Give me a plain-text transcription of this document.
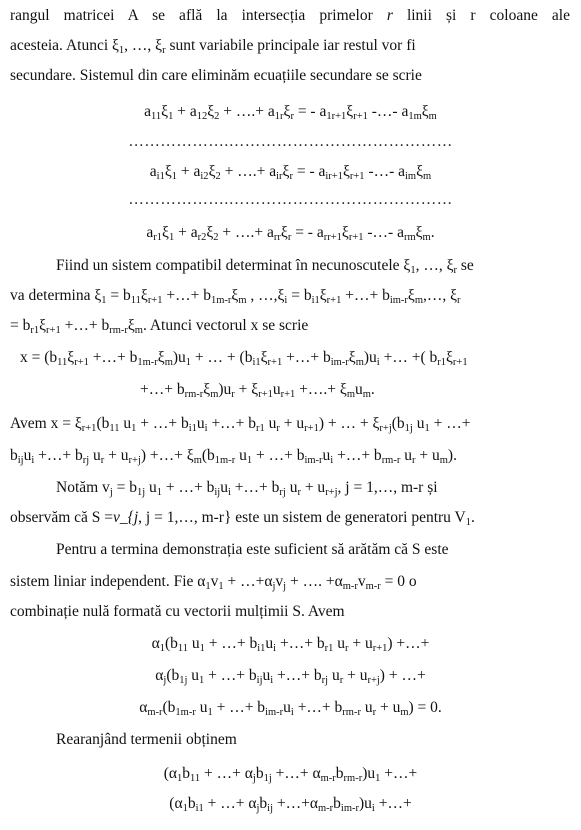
rangul matricei A se află la intersecția primelor r linii și r coloane ale
acesteia. Atunci $\xi_1$, …, $\xi_r$ sunt variabile principale iar restul vor fi
secundare. Sistemul din care eliminăm ecuațiile secundare se scrie
$a_{11}\xi_1 + a_{12}\xi_2$ + ….+ $a_{1r}\xi_r$ = - $a_{1r+1}\xi_{r+1}$ -…- $a_{1m}\xi_m$
……………….……………………………………
$a_{i1}\xi_1 + a_{i2}\xi_2$ + ….+ $a_{ir}\xi_r$ = - $a_{ir+1}\xi_{r+1}$ -…- $a_{im}\xi_m$
……………….……………………………………
$a_{r1}\xi_1 + a_{r2}\xi_2$ + ….+ $a_{rr}\xi_r$ = - $a_{rr+1}\xi_{r+1}$ -…- $a_{rm}\xi_m$.
Fiind un sistem compatibil determinat în necunoscutele $\xi_1$, …, $\xi_r$ se
va determina $\xi_1 = b_{11}\xi_{r+1}$ +…+ $b_{1m-r}\xi_m$ , $\dots,\xi_i = b_{i1}\xi_{r+1}$ +…+ $b_{im-r}\xi_m,\dots$, $\xi_r$
= $b_{r1}\xi_{r+1}$ +…+ $b_{rm-r}\xi_m$. Atunci vectorul x se scrie
$x = (b_{11}\xi_{r+1}$ +…+ $b_{1m-r}\xi_m)u_1$ + … + ($b_{i1}\xi_{r+1}$ +…+ $b_{im-r}\xi_m)u_i$ +… +( $b_{r1}\xi_{r+1}$
+…+ $b_{rm-r}\xi_m)u_r + \xi_{r+1}u_{r+1}$ +….+ $\xi_mu_m$.
Avem $x = \xi_{r+1}(b_{11}$ $u_1$ + …+ $b_{i1}u_i$ +…+ $b_{r1}$ $u_r + u_{r+1}$) + … + $\xi_{r+j}(b_{1j}$ $u_1$ + …+
$b_{ij}u_i$ +…+ $b_{rj}$ $u_r + u_{r+j}$) +…+ $\xi_m(b_{1m-r}$ $u_1$ + …+ $b_{im-r}u_i$ +…+ $b_{rm-r}$ $u_r + u_m$).
Notăm $v_j = b_{1j}$ $u_1$ + …+ $b_{ij}u_i$ +…+ $b_{rj}$ $u_r + u_{r+j}$, j = 1,…, m-r și
observăm că S =v_{j, j = 1,…, m-r} este un sistem de generatori pentru $V_1$.
Pentru a termina demonstrația este suficient să arătăm că S este
sistem liniar independent. Fie $\alpha_1v_1$ + $\dots+\alpha_jv_j$ + …. $+\alpha_{m-r}v_{m-r} = 0$ o
combinație nulă formată cu vectorii mulțimii S. Avem
$\alpha_1(b_{11}$ $u_1$ + …+ $b_{i1}u_i$ +…+ $b_{r1}$ $u_r + u_{r+1}$) +…+
$\alpha_j(b_{1j}$ $u_1$ + …+ $b_{ij}u_i$ +…+ $b_{rj}$ $u_r + u_{r+j}$) + …+
$\alpha_{m-r}(b_{1m-r}$ $u_1$ + …+ $b_{im-r}u_i$ +…+ $b_{rm-r}$ $u_r + u_m) = 0$.
Rearanjând termenii obținem
($\alpha_1b_{11}$ + …+ $\alpha_jb_{1j}$ +…+ $\alpha_{m-r}b_{rm-r})u_1$ +…+
($\alpha_1b_{i1}$ + …+ $\alpha_jb_{ij}$ $+\dots+\alpha_{m-r}b_{im-r})u_i$ +…+
